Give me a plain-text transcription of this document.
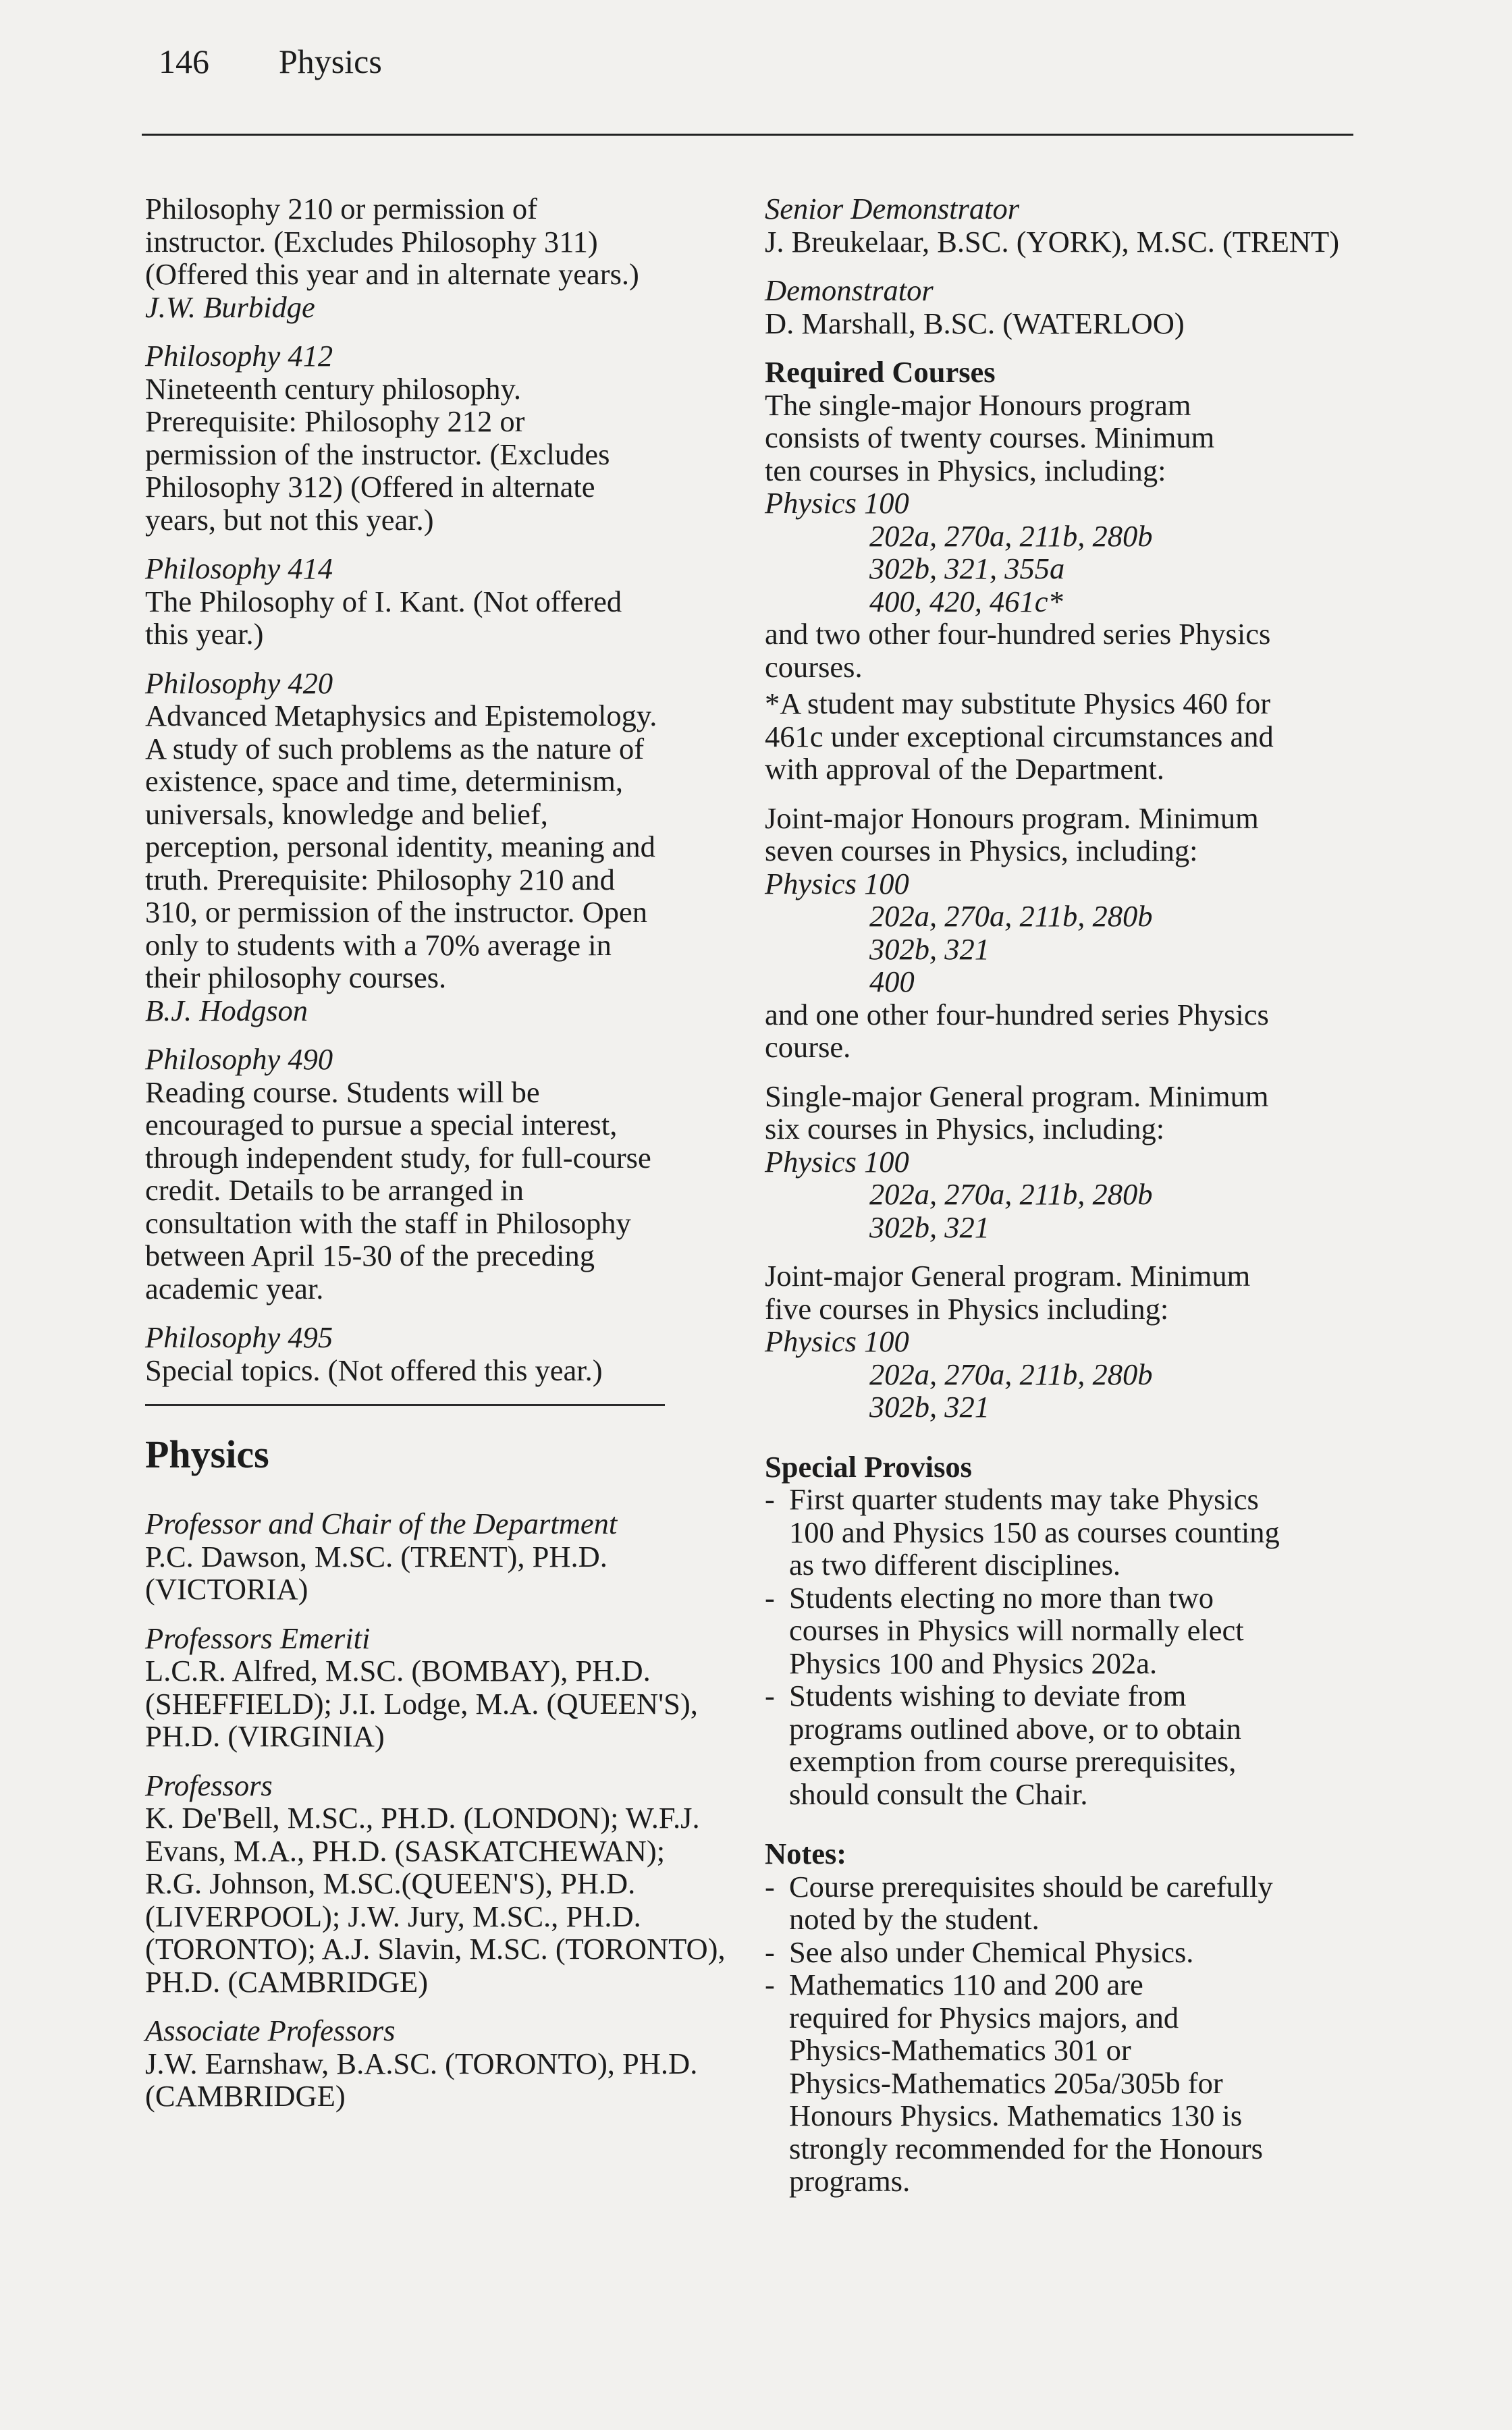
146 Physics
Philosophy 210 or permission of
instructor. (Excludes Philosophy 311)
(Offered this year and in alternate years.)
J.W. Burbidge
Philosophy 412
Nineteenth century philosophy.
Prerequisite: Philosophy 212 or
permission of the instructor. (Excludes
Philosophy 312) (Offered in alternate
years, but not this year.)
Philosophy 414
The Philosophy of I. Kant. (Not offered
this year.)
Philosophy 420
Advanced Metaphysics and Epistemology.
A study of such problems as the nature of
existence, space and time, determinism,
universals, knowledge and belief,
perception, personal identity, meaning and
truth. Prerequisite: Philosophy 210 and
310, or permission of the instructor. Open
only to students with a 70% average in
their philosophy courses.
B.J. Hodgson
Philosophy 490
Reading course. Students will be
encouraged to pursue a special interest,
through independent study, for full-course
credit. Details to be arranged in
consultation with the staff in Philosophy
between April 15-30 of the preceding
academic year.
Philosophy 495
Special topics. (Not offered this year.)
Physics
Professor and Chair of the Department
P.C. Dawson, M.SC. (TRENT), PH.D.
(VICTORIA)
Professors Emeriti
L.C.R. Alfred, M.SC. (BOMBAY), PH.D.
(SHEFFIELD); J.I. Lodge, M.A. (QUEEN'S),
PH.D. (VIRGINIA)
Professors
K. De'Bell, M.SC., PH.D. (LONDON); W.F.J.
Evans, M.A., PH.D. (SASKATCHEWAN);
R.G. Johnson, M.SC.(QUEEN'S), PH.D.
(LIVERPOOL); J.W. Jury, M.SC., PH.D.
(TORONTO); A.J. Slavin, M.SC. (TORONTO),
PH.D. (CAMBRIDGE)
Associate Professors
J.W. Earnshaw, B.A.SC. (TORONTO), PH.D.
(CAMBRIDGE)
Senior Demonstrator
J. Breukelaar, B.SC. (YORK), M.SC. (TRENT)
Demonstrator
D. Marshall, B.SC. (WATERLOO)
Required Courses
The single-major Honours program
consists of twenty courses. Minimum
ten courses in Physics, including:
Physics 100
202a, 270a, 211b, 280b
302b, 321, 355a
400, 420, 461c*
and two other four-hundred series Physics
courses.
*A student may substitute Physics 460 for
461c under exceptional circumstances and
with approval of the Department.
Joint-major Honours program. Minimum
seven courses in Physics, including:
Physics 100
202a, 270a, 211b, 280b
302b, 321
400
and one other four-hundred series Physics
course.
Single-major General program. Minimum
six courses in Physics, including:
Physics 100
202a, 270a, 211b, 280b
302b, 321
Joint-major General program. Minimum
five courses in Physics including:
Physics 100
202a, 270a, 211b, 280b
302b, 321
Special Provisos
- First quarter students may take Physics
100 and Physics 150 as courses counting
as two different disciplines.
- Students electing no more than two
courses in Physics will normally elect
Physics 100 and Physics 202a.
- Students wishing to deviate from
programs outlined above, or to obtain
exemption from course prerequisites,
should consult the Chair.
Notes:
- Course prerequisites should be carefully
noted by the student.
- See also under Chemical Physics.
- Mathematics 110 and 200 are
required for Physics majors, and
Physics-Mathematics 301 or
Physics-Mathematics 205a/305b for
Honours Physics. Mathematics 130 is
strongly recommended for the Honours
programs.
